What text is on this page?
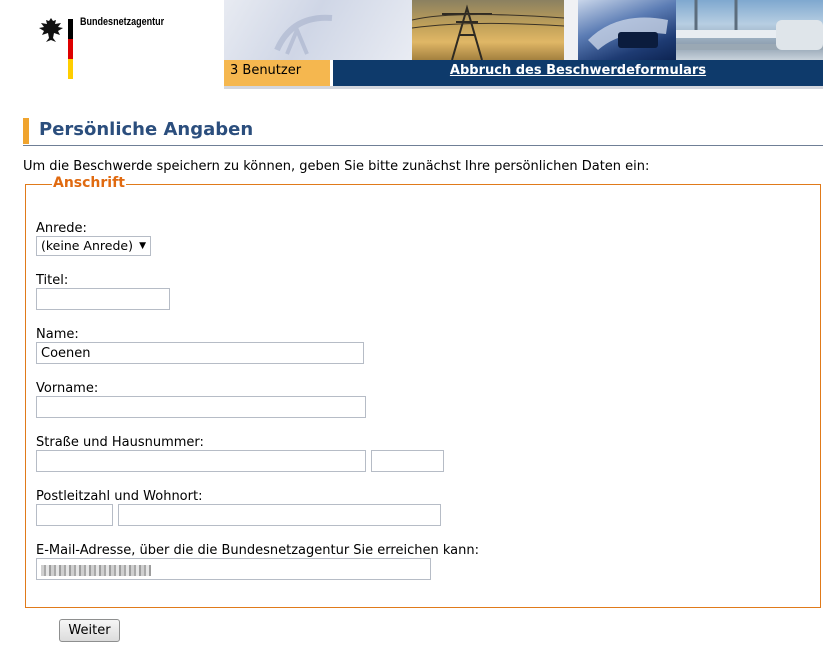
Bundesnetzagentur
3 Benutzer	Abbruch des Beschwerdeformulars
Persönliche Angaben
Um die Beschwerde speichern zu können, geben Sie bitte zunächst Ihre persönlichen Daten ein:
Anschrift
Anrede:
(keine Anrede) ▼
Titel:
Name:
Coenen
Vorname:
Straße und Hausnummer:
Postleitzahl und Wohnort:
E-Mail-Adresse, über die die Bundesnetzagentur Sie erreichen kann:
Weiter
